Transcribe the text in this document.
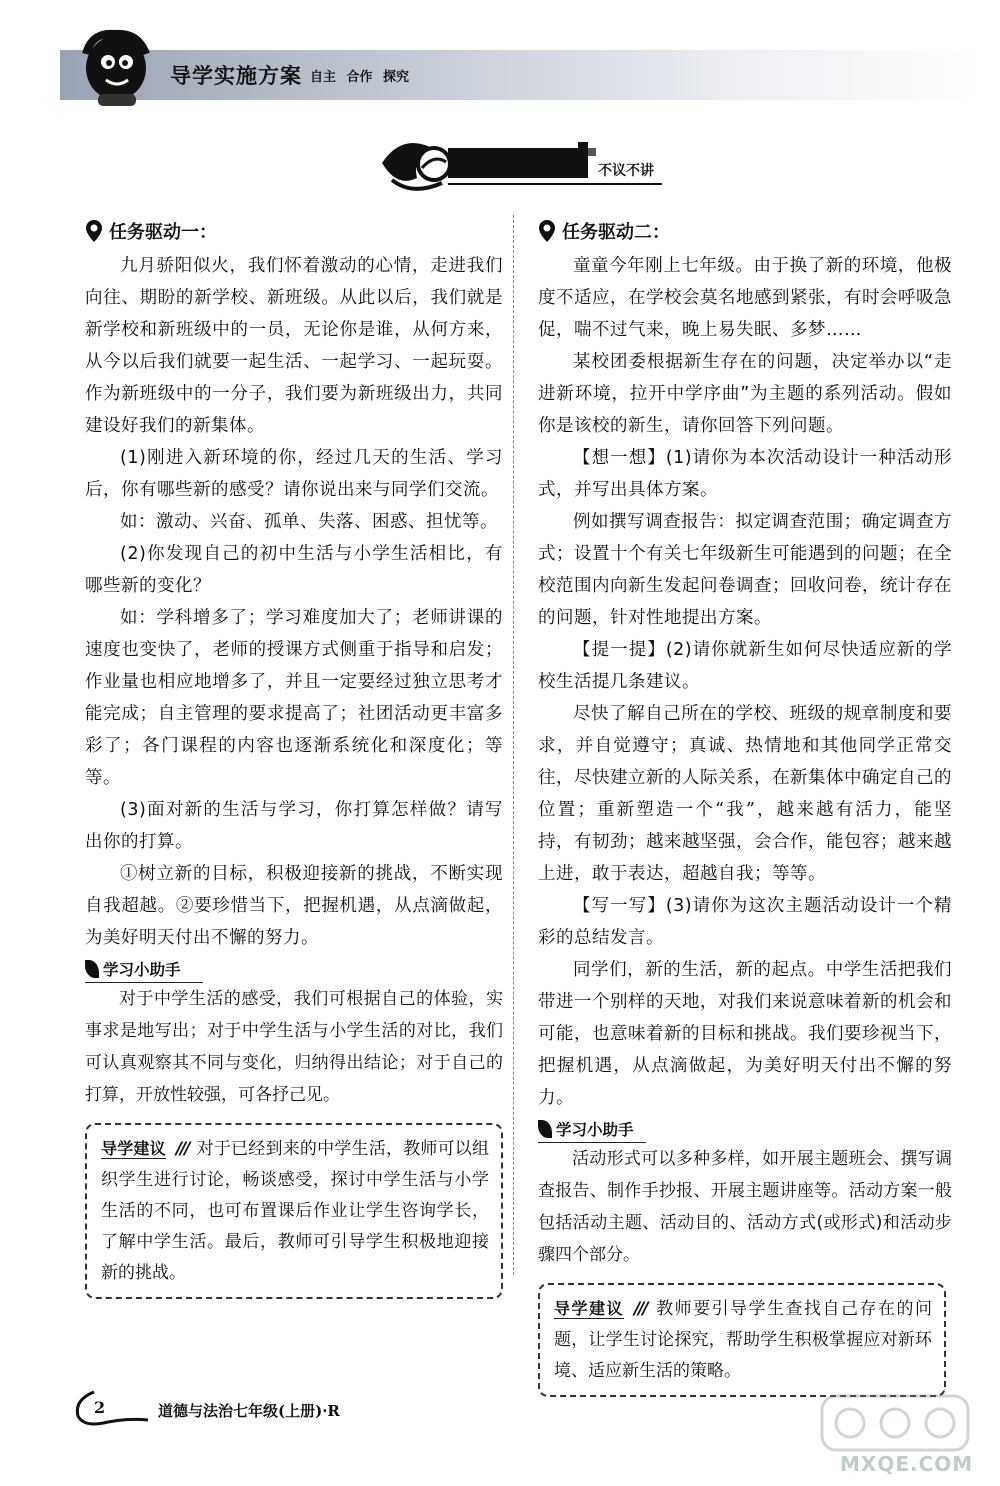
导学实施方案 自主 合作 探究
不议不讲
任务驱动一：
九月骄阳似火，我们怀着激动的心情，走进我们向往、期盼的新学校、新班级。从此以后，我们就是新学校和新班级中的一员，无论你是谁，从何方来，从今以后我们就要一起生活、一起学习、一起玩耍。作为新班级中的一分子，我们要为新班级出力，共同建设好我们的新集体。
(1)刚进入新环境的你，经过几天的生活、学习后，你有哪些新的感受？请你说出来与同学们交流。
如：激动、兴奋、孤单、失落、困惑、担忧等。
(2)你发现自己的初中生活与小学生活相比，有哪些新的变化？
如：学科增多了；学习难度加大了；老师讲课的速度也变快了，老师的授课方式侧重于指导和启发；作业量也相应地增多了，并且一定要经过独立思考才能完成；自主管理的要求提高了；社团活动更丰富多彩了；各门课程的内容也逐渐系统化和深度化；等等。
(3)面对新的生活与学习，你打算怎样做？请写出你的打算。
①树立新的目标，积极迎接新的挑战，不断实现自我超越。②要珍惜当下，把握机遇，从点滴做起，为美好明天付出不懈的努力。
学习小助手
对于中学生活的感受，我们可根据自己的体验，实事求是地写出；对于中学生活与小学生活的对比，我们可认真观察其不同与变化，归纳得出结论；对于自己的打算，开放性较强，可各抒己见。
导学建议 /// 对于已经到来的中学生活，教师可以组织学生进行讨论，畅谈感受，探讨中学生活与小学生活的不同，也可布置课后作业让学生咨询学长，了解中学生活。最后，教师可引导学生积极地迎接新的挑战。
任务驱动二：
童童今年刚上七年级。由于换了新的环境，他极度不适应，在学校会莫名地感到紧张，有时会呼吸急促，喘不过气来，晚上易失眠、多梦……
某校团委根据新生存在的问题，决定举办以“走进新环境，拉开中学序曲”为主题的系列活动。假如你是该校的新生，请你回答下列问题。
【想一想】(1)请你为本次活动设计一种活动形式，并写出具体方案。
例如撰写调查报告：拟定调查范围；确定调查方式；设置十个有关七年级新生可能遇到的问题；在全校范围内向新生发起问卷调查；回收问卷，统计存在的问题，针对性地提出方案。
【提一提】(2)请你就新生如何尽快适应新的学校生活提几条建议。
尽快了解自己所在的学校、班级的规章制度和要求，并自觉遵守；真诚、热情地和其他同学正常交往，尽快建立新的人际关系，在新集体中确定自己的位置；重新塑造一个“我”，越来越有活力，能坚持，有韧劲；越来越坚强，会合作，能包容；越来越上进，敢于表达，超越自我；等等。
【写一写】(3)请你为这次主题活动设计一个精彩的总结发言。
同学们，新的生活，新的起点。中学生活把我们带进一个别样的天地，对我们来说意味着新的机会和可能，也意味着新的目标和挑战。我们要珍视当下，把握机遇，从点滴做起，为美好明天付出不懈的努力。
学习小助手
活动形式可以多种多样，如开展主题班会、撰写调查报告、制作手抄报、开展主题讲座等。活动方案一般包括活动主题、活动目的、活动方式(或形式)和活动步骤四个部分。
导学建议 /// 教师要引导学生查找自己存在的问题，让学生讨论探究，帮助学生积极掌握应对新环境、适应新生活的策略。
2	道德与法治七年级(上册)·R
MXQE.COM
